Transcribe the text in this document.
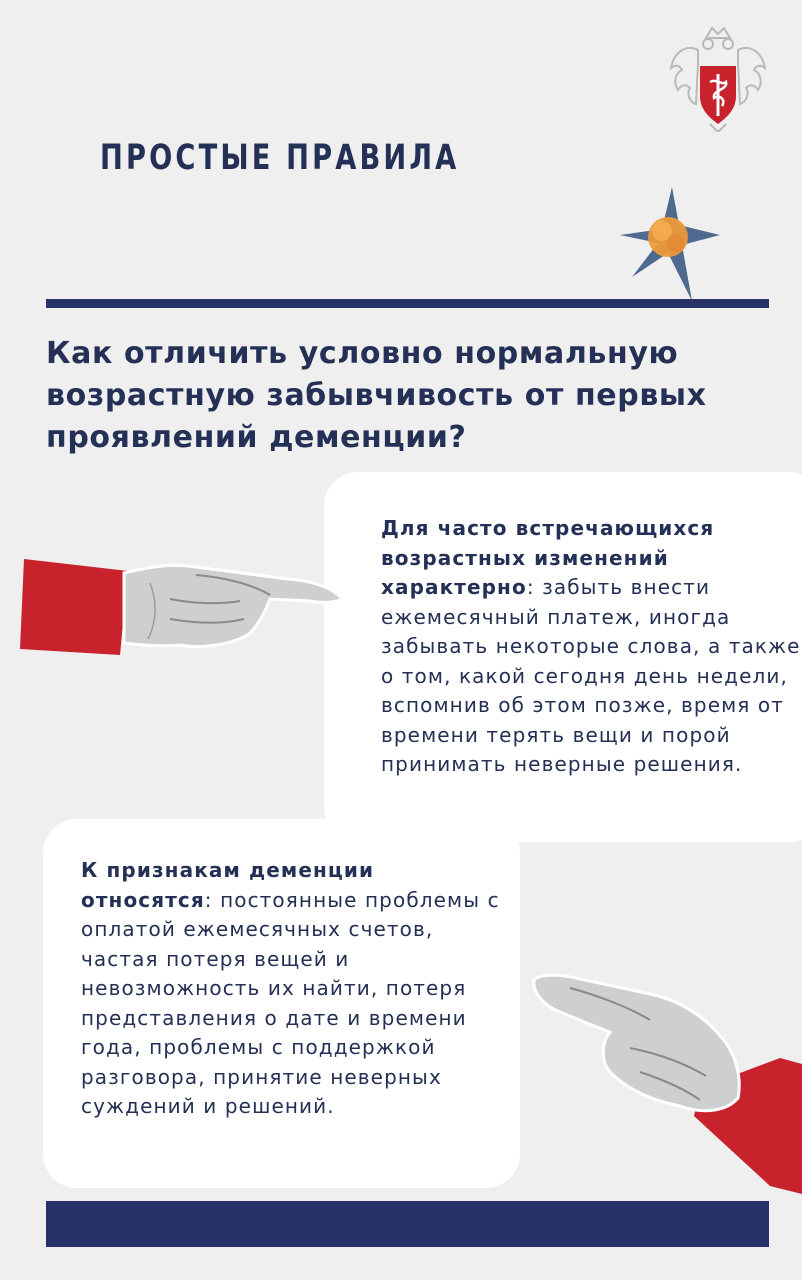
ПРОСТЫЕ ПРАВИЛА
Как отличить условно нормальную
возрастную забывчивость от первых
проявлений деменции?

Для часто встречающихся возрастных изменений характерно: забыть внести ежемесячный платеж, иногда забывать некоторые слова, а также о том, какой сегодня день недели, вспомнив об этом позже, время от времени терять вещи и порой принимать неверные решения.

К признакам деменции относятся: постоянные проблемы с оплатой ежемесячных счетов, частая потеря вещей и невозможность их найти, потеря представления о дате и времени года, проблемы с поддержкой разговора, принятие неверных суждений и решений.
